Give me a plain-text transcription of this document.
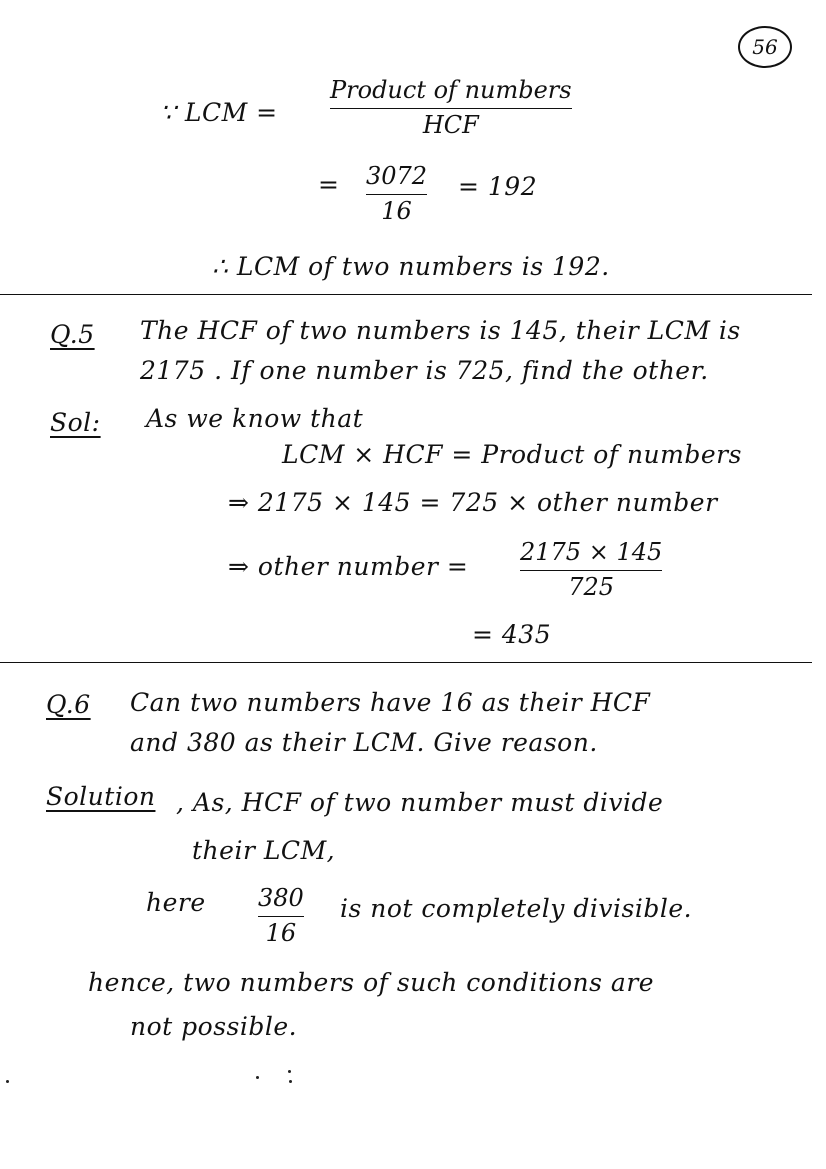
56
∵ LCM =
Product of numbers
HCF
= 3072
16
= 192
∴ LCM of two numbers is 192.
Q.5 The HCF of two numbers is 145, their LCM is
2175 . If one number is 725, find the other.
Sol: As we know that
LCM × HCF = Product of numbers
⇒ 2175 × 145 = 725 × other number
⇒ other number = 2175 × 145
725
= 435
Q.6 Can two numbers have 16 as their HCF
and 380 as their LCM. Give reason.
Solution , As, HCF of two number must divide
their LCM,
here 380
16
is not completely divisible.
hence, two numbers of such conditions are
not possible.
